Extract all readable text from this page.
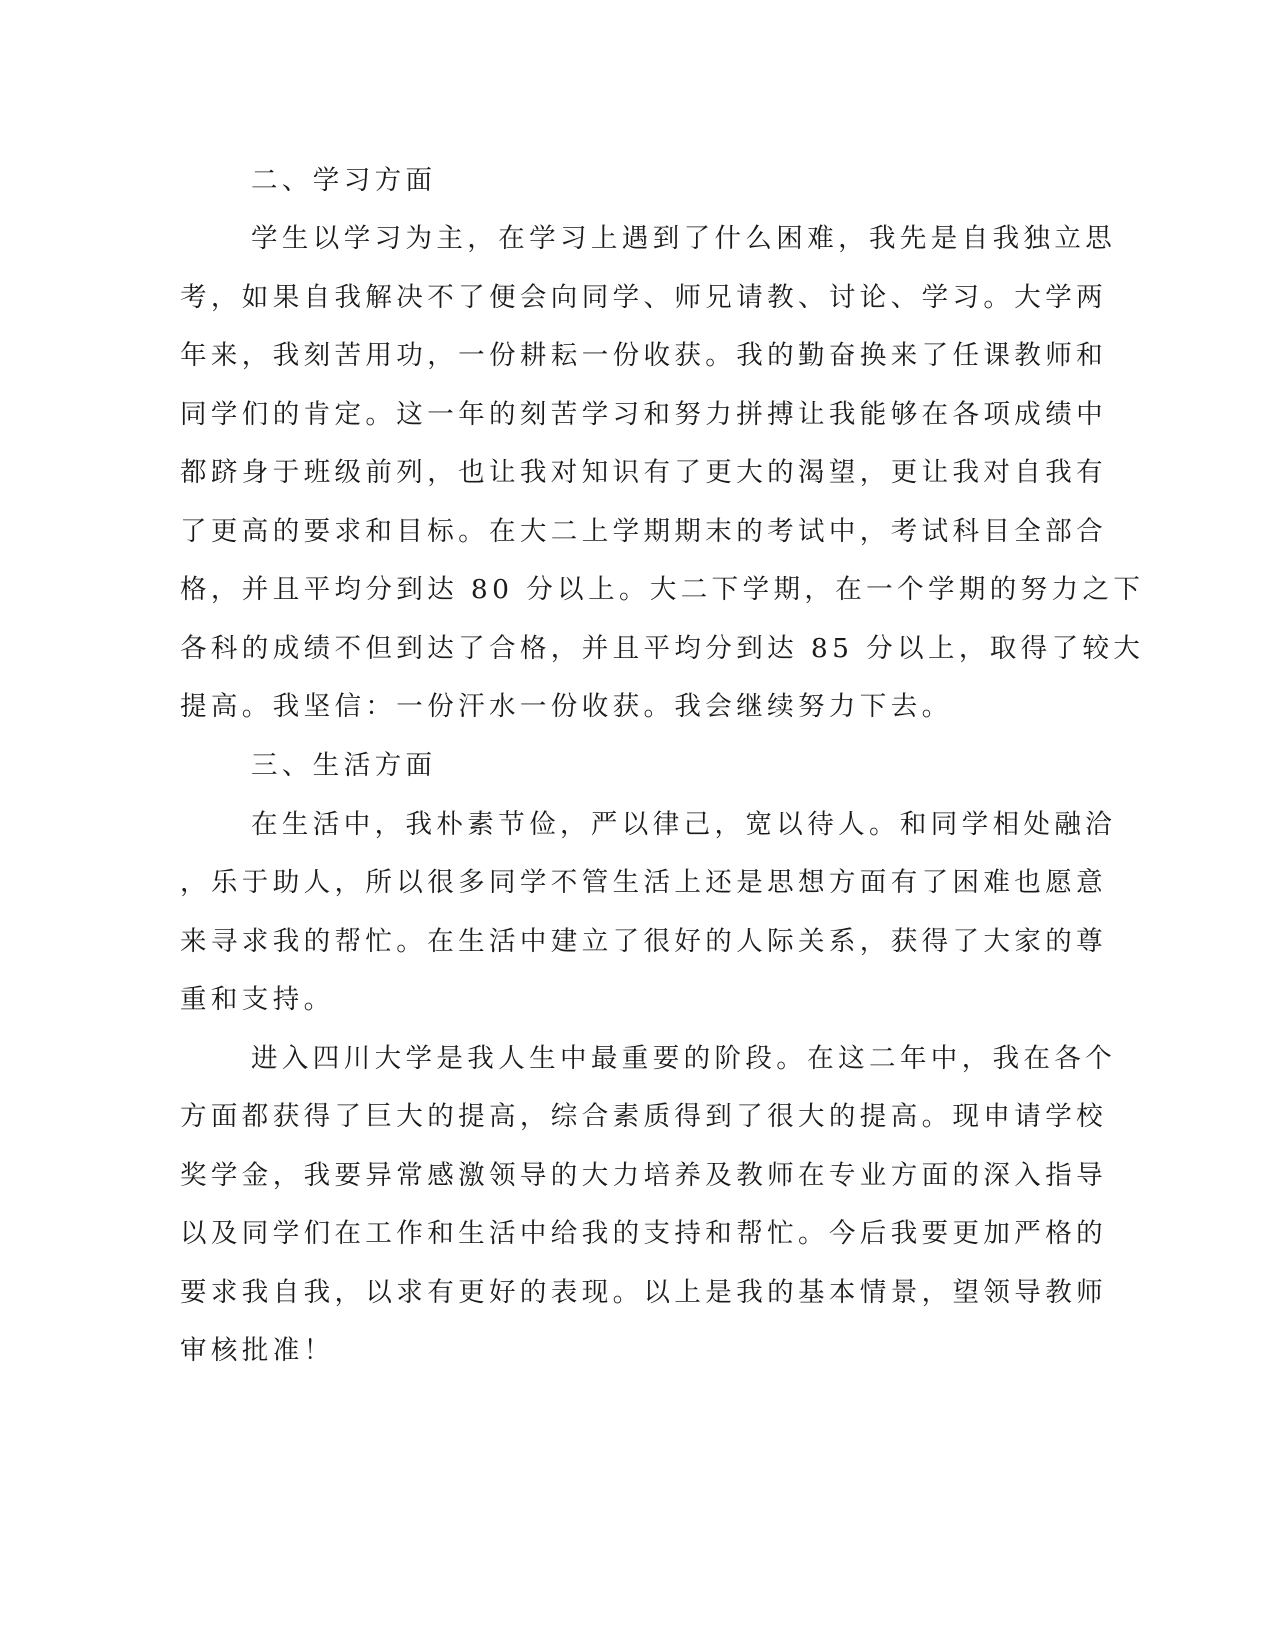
二、学习方面

学生以学习为主，在学习上遇到了什么困难，我先是自我独立思

考，如果自我解决不了便会向同学、师兄请教、讨论、学习。大学两

年来，我刻苦用功，一份耕耘一份收获。我的勤奋换来了任课教师和

同学们的肯定。这一年的刻苦学习和努力拼搏让我能够在各项成绩中

都跻身于班级前列，也让我对知识有了更大的渴望，更让我对自我有

了更高的要求和目标。在大二上学期期末的考试中，考试科目全部合

格，并且平均分到达 80 分以上。大二下学期，在一个学期的努力之下

各科的成绩不但到达了合格，并且平均分到达 85 分以上，取得了较大

提高。我坚信：一份汗水一份收获。我会继续努力下去。

三、生活方面

在生活中，我朴素节俭，严以律己，宽以待人。和同学相处融洽

，乐于助人，所以很多同学不管生活上还是思想方面有了困难也愿意

来寻求我的帮忙。在生活中建立了很好的人际关系，获得了大家的尊

重和支持。

进入四川大学是我人生中最重要的阶段。在这二年中，我在各个

方面都获得了巨大的提高，综合素质得到了很大的提高。现申请学校

奖学金，我要异常感激领导的大力培养及教师在专业方面的深入指导

以及同学们在工作和生活中给我的支持和帮忙。今后我要更加严格的

要求我自我，以求有更好的表现。以上是我的基本情景，望领导教师

审核批准！
